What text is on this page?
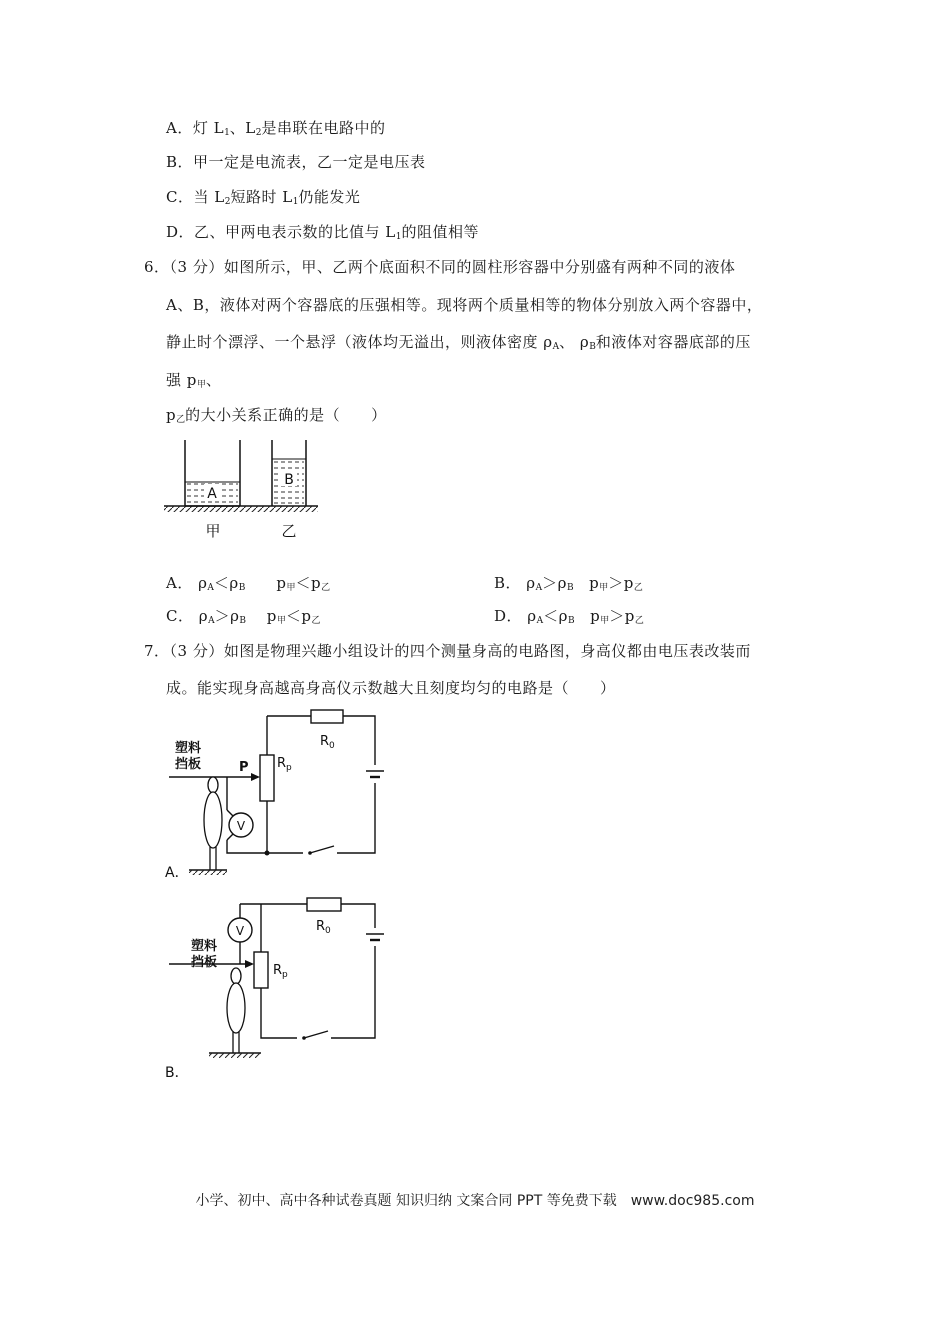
A．灯 $L_1$、$L_2$是串联在电路中的
B．甲一定是电流表，乙一定是电压表
C．当 $L_2$短路时 $L_1$仍能发光
D．乙、甲两电表示数的比值与 $L_1$的阻值相等
6．（3 分）如图所示，甲、乙两个底面积不同的圆柱形容器中分别盛有两种不同的液体
A、B，液体对两个容器底的压强相等。现将两个质量相等的物体分别放入两个容器中，
静止时个漂浮、一个悬浮（液体均无溢出，则液体密度 $\rho_A$、 $\rho_B$和液体对容器底部的压
强 $p_甲$、
$p_乙$的大小关系正确的是（　　）
A
B
甲	乙
A． $\rho_A<\rho_B$　　$p_甲<p_乙$	B． $\rho_A>\rho_B$　$p_甲>p_乙$
C． $\rho_A>\rho_B$　 $p_甲<p_乙$	D． $\rho_A<\rho_B$　$p_甲>p_乙$
7．（3 分）如图是物理兴趣小组设计的四个测量身高的电路图，身高仪都由电压表改装而
成。能实现身高越高身高仪示数越大且刻度均匀的电路是（　　）
$R_0$
$R_p$
P
塑料
挡板
V
A．
$R_0$
$R_p$
V
塑料
挡板
B．
小学、初中、高中各种试卷真题 知识归纳 文案合同 PPT 等免费下载　www.doc985.com
